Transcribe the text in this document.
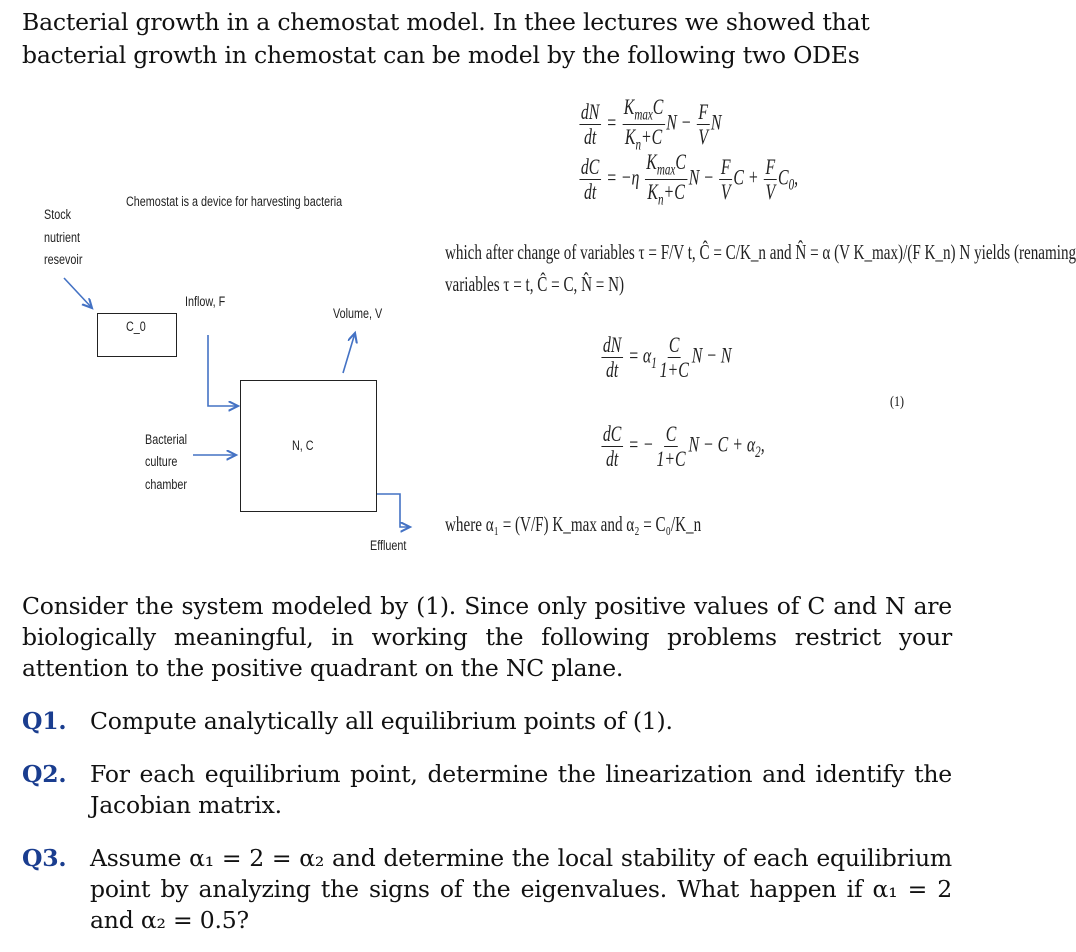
Bacterial growth in a chemostat model. In thee lectures we showed that bacterial growth in chemostat can be model by the following two ODEs
Chemostat is a device for harvesting bacteria
Stock
nutrient
resevoir
C_0
Inflow, F
Volume, V
N, C
Bacterial
culture
chamber
Effluent
$\frac{dN}{dt} = \frac{K_{max}C}{K_n+C}$ $N - \frac{F}{V}$ N
$\frac{dC}{dt} = -\eta \frac{K_{max}C}{K_n+C}$ $N - \frac{F}{V}$ $C + \frac{F}{V} C_0$,
which after change of variables τ = F/V t, Ĉ = C/K_n and N̂ = α (V K_max)/(F K_n) N yields (renaming
variables τ = t, Ĉ = C, N̂ = N)
$\frac{dN}{dt} = \alpha_1 \frac{C}{1+C}$ N − N
$\frac{dC}{dt}$ = − $\frac{C}{1+C}$ $N - C + \alpha_2$,
(1)
where α₁ = (V/F) K_max and α₂ = C₀/K_n
Consider the system modeled by (1). Since only positive values of C and N are biologically meaningful, in working the following problems restrict your attention to the positive quadrant on the NC plane.
Q1. Compute analytically all equilibrium points of (1).
Q2. For each equilibrium point, determine the linearization and identify the Jacobian matrix.
Q3. Assume α₁ = 2 = α₂ and determine the local stability of each equilibrium point by analyzing the signs of the eigenvalues. What happen if α₁ = 2 and α₂ = 0.5?
